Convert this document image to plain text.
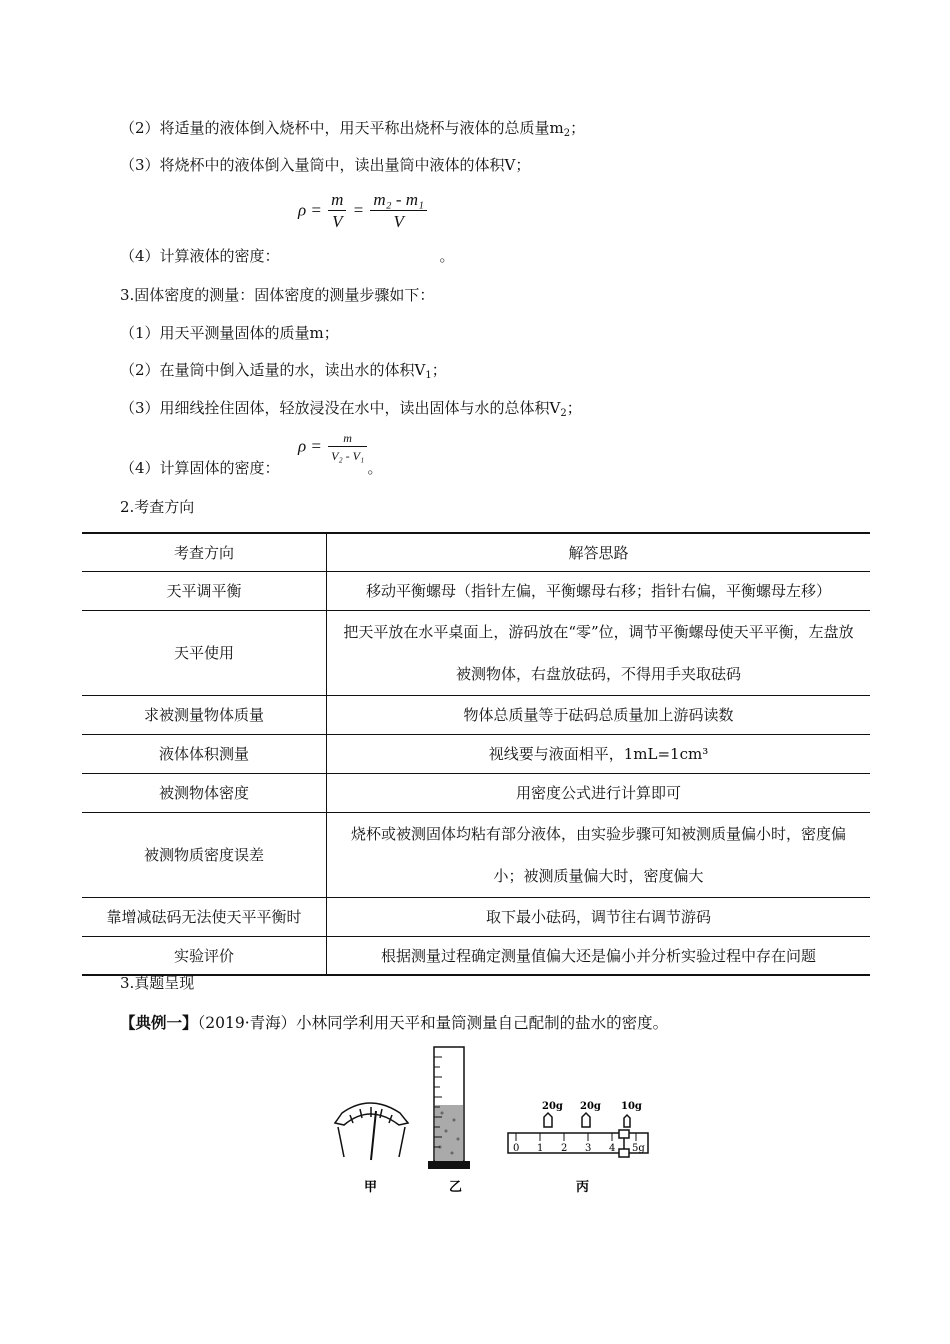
（2）将适量的液体倒入烧杯中，用天平称出烧杯与液体的总质量$m_2$；
（3）将烧杯中的液体倒入量筒中，读出量筒中液体的体积V；
$\rho = \frac{m}{V} = \frac{\text{m₂ - m₁}}{V}$
（4）计算液体的密度：	。
3.固体密度的测量：固体密度的测量步骤如下：
（1）用天平测量固体的质量m；
（2）在量筒中倒入适量的水，读出水的体积$V_1$；
（3）用细线拴住固体，轻放浸没在水中，读出固体与水的总体积$V_2$；
$\rho = \frac{m}{\text{V₂ - V₁}}$
（4）计算固体的密度：	。
2.考查方向
考查方向	解答思路
天平调平衡	移动平衡螺母（指针左偏，平衡螺母右移；指针右偏，平衡螺母左移）
天平使用	把天平放在水平桌面上，游码放在“零”位，调节平衡螺母使天平平衡，左盘放被测物体，右盘放砝码，不得用手夹取砝码
求被测量物体质量	物体总质量等于砝码总质量加上游码读数
液体体积测量	视线要与液面相平，1mL=1cm³
被测物体密度	用密度公式进行计算即可
被测物质密度误差	烧杯或被测固体均粘有部分液体，由实验步骤可知被测质量偏小时，密度偏小；被测质量偏大时，密度偏大
靠增减砝码无法使天平平衡时	取下最小砝码，调节往右调节游码
实验评价	根据测量过程确定测量值偏大还是偏小并分析实验过程中存在问题
3.真题呈现
【典例一】（2019·青海）小林同学利用天平和量筒测量自己配制的盐水的密度。
甲	乙
20g 20g 10g
0 1 2 3 4 5g
丙
